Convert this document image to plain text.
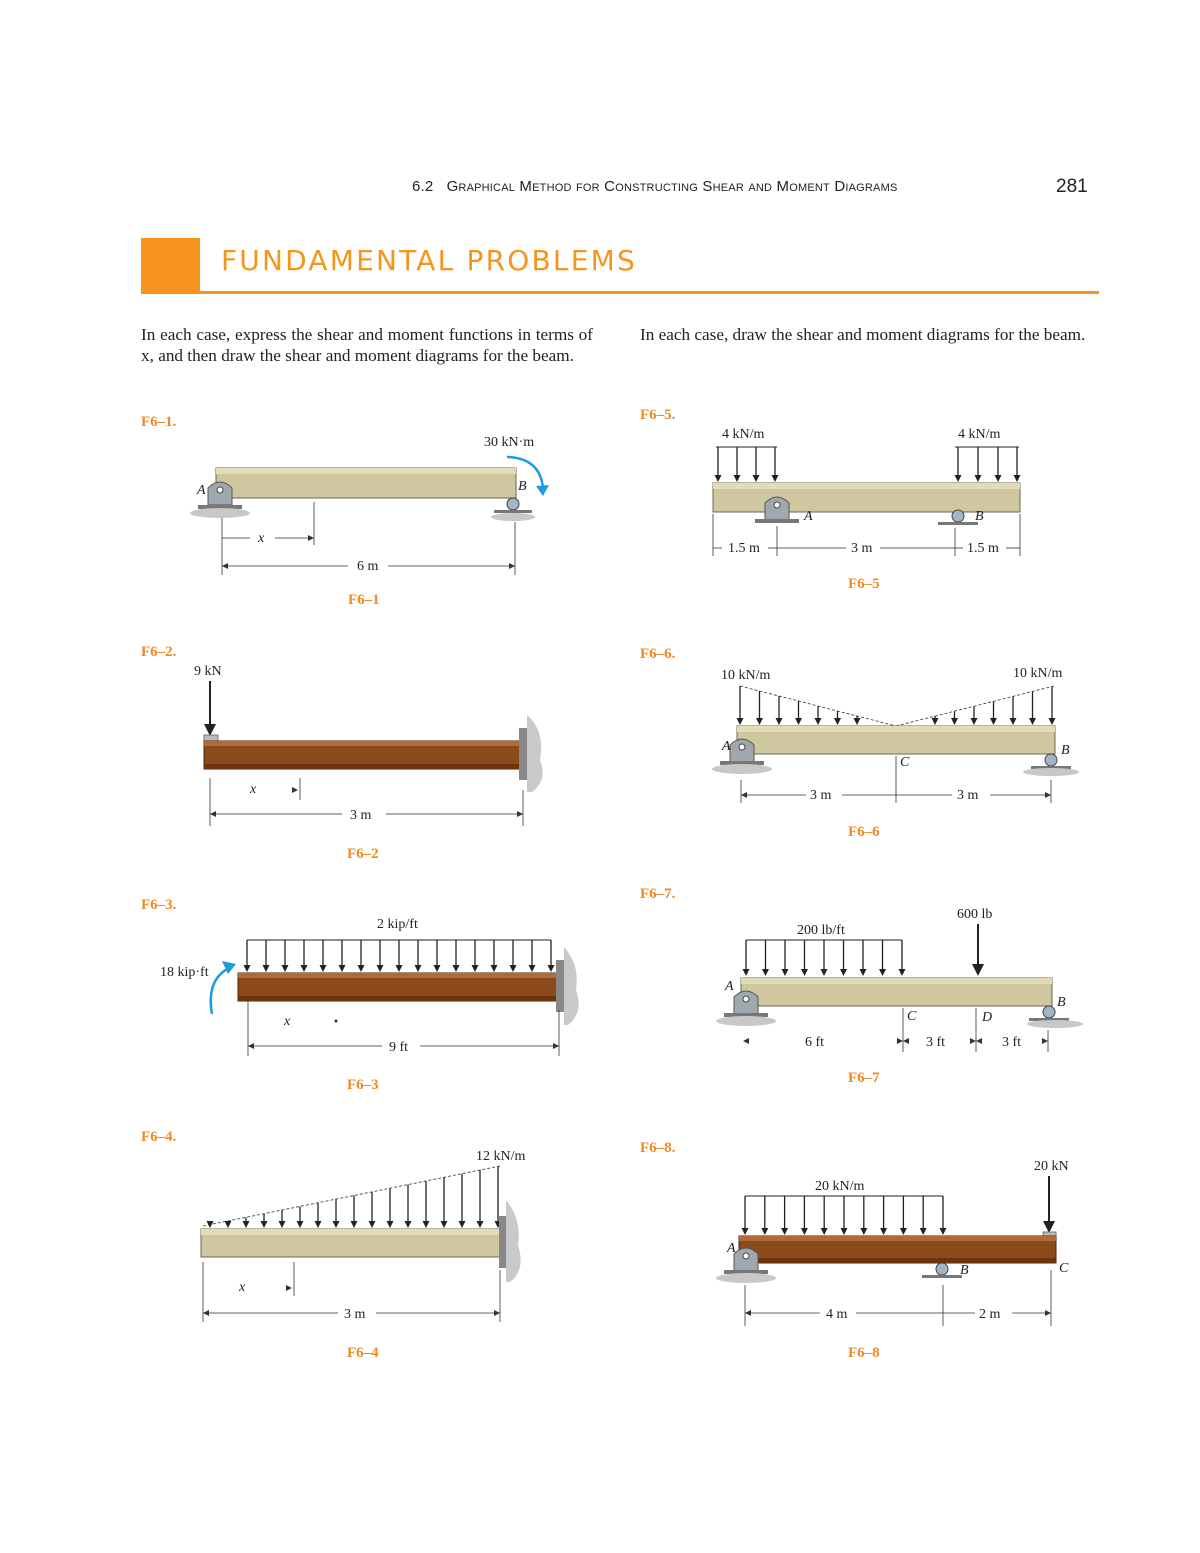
6.2 Graphical Method for Constructing Shear and Moment Diagrams	281
FUNDAMENTAL PROBLEMS
In each case, express the shear and moment functions in terms of x, and then draw the shear and moment diagrams for the beam.
In each case, draw the shear and moment diagrams for the beam.
F6–1.
F6–2.
F6–3.
F6–4.
F6–5.
F6–6.
F6–7.
F6–8.
A	B
30 kN·m
x
6 m
F6–1
9 kN
x
3 m
F6–2
2 kip/ft
18 kip·ft
x
9 ft
F6–3
12 kN/m
x
3 m
F6–4
4 kN/m	4 kN/m
A	B
1.5 m	3 m	1.5 m
F6–5
10 kN/m	10 kN/m
A	B
C
3 m	3 m
F6–6
200 lb/ft
600 lb
A
B
C	D
6 ft	3 ft	3 ft
F6–7
20 kN/m
20 kN
A
B	C
4 m	2 m
F6–8
